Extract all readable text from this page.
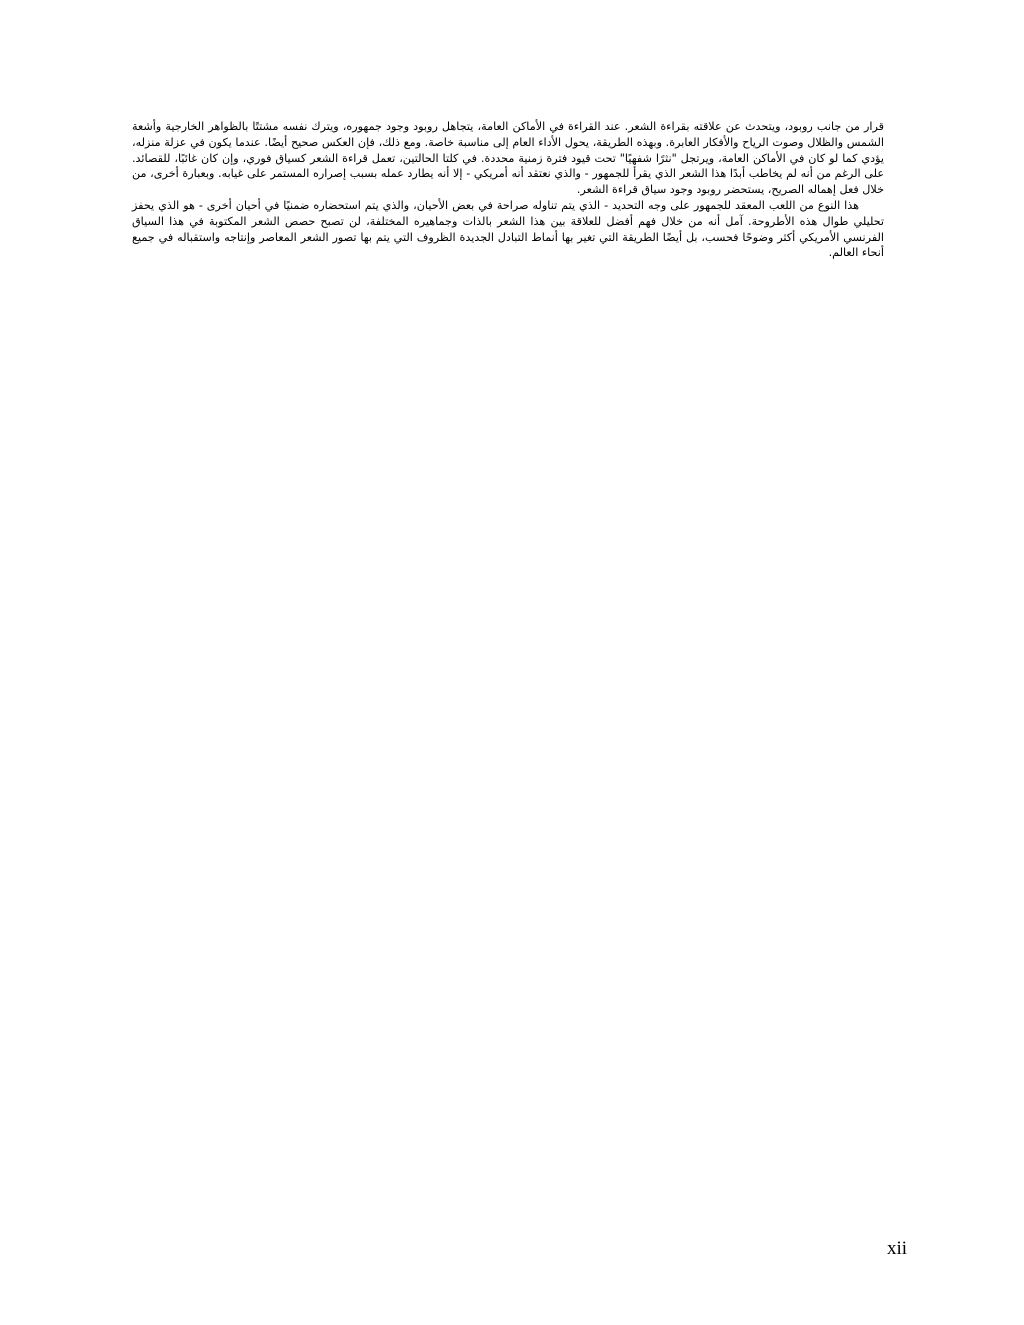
قرار من جانب روبود، ويتحدث عن علاقته بقراءة الشعر. عند القراءة في الأماكن العامة، يتجاهل روبود وجود جمهوره، ويترك نفسه مشتتًا بالظواهر الخارجية وأشعة الشمس والظلال وصوت الرياح والأفكار العابرة. وبهذه الطريقة، يحول الأداء العام إلى مناسبة خاصة. ومع ذلك، فإن العكس صحيح أيضًا. عندما يكون في عزلة منزله، يؤدي كما لو كان في الأماكن العامة، ويرتجل "نثرًا شفهيًا" تحت قيود فترة زمنية محددة. في كلتا الحالتين، تعمل قراءة الشعر كسياق فوري، وإن كان غائبًا، للقصائد. على الرغم من أنه لم يخاطب أبدًا هذا الشعر الذي يقرأ للجمهور - والذي نعتقد أنه أمريكي - إلا أنه يطارد عمله بسبب إصراره المستمر على غيابه. وبعبارة أخرى، من خلال فعل إهماله الصريح، يستحضر روبود وجود سياق قراءة الشعر.

هذا النوع من اللعب المعقد للجمهور على وجه التحديد - الذي يتم تناوله صراحة في بعض الأحيان، والذي يتم استحضاره ضمنيًا في أحيان أخرى - هو الذي يحفز تحليلي طوال هذه الأطروحة. آمل أنه من خلال فهم أفضل للعلاقة بين هذا الشعر بالذات وجماهيره المختلفة، لن تصبح حصص الشعر المكتوبة في هذا السياق الفرنسي الأمريكي أكثر وضوحًا فحسب، بل أيضًا الطريقة التي تغير بها أنماط التبادل الجديدة الظروف التي يتم بها تصور الشعر المعاصر وإنتاجه واستقباله في جميع أنحاء العالم.

xii
